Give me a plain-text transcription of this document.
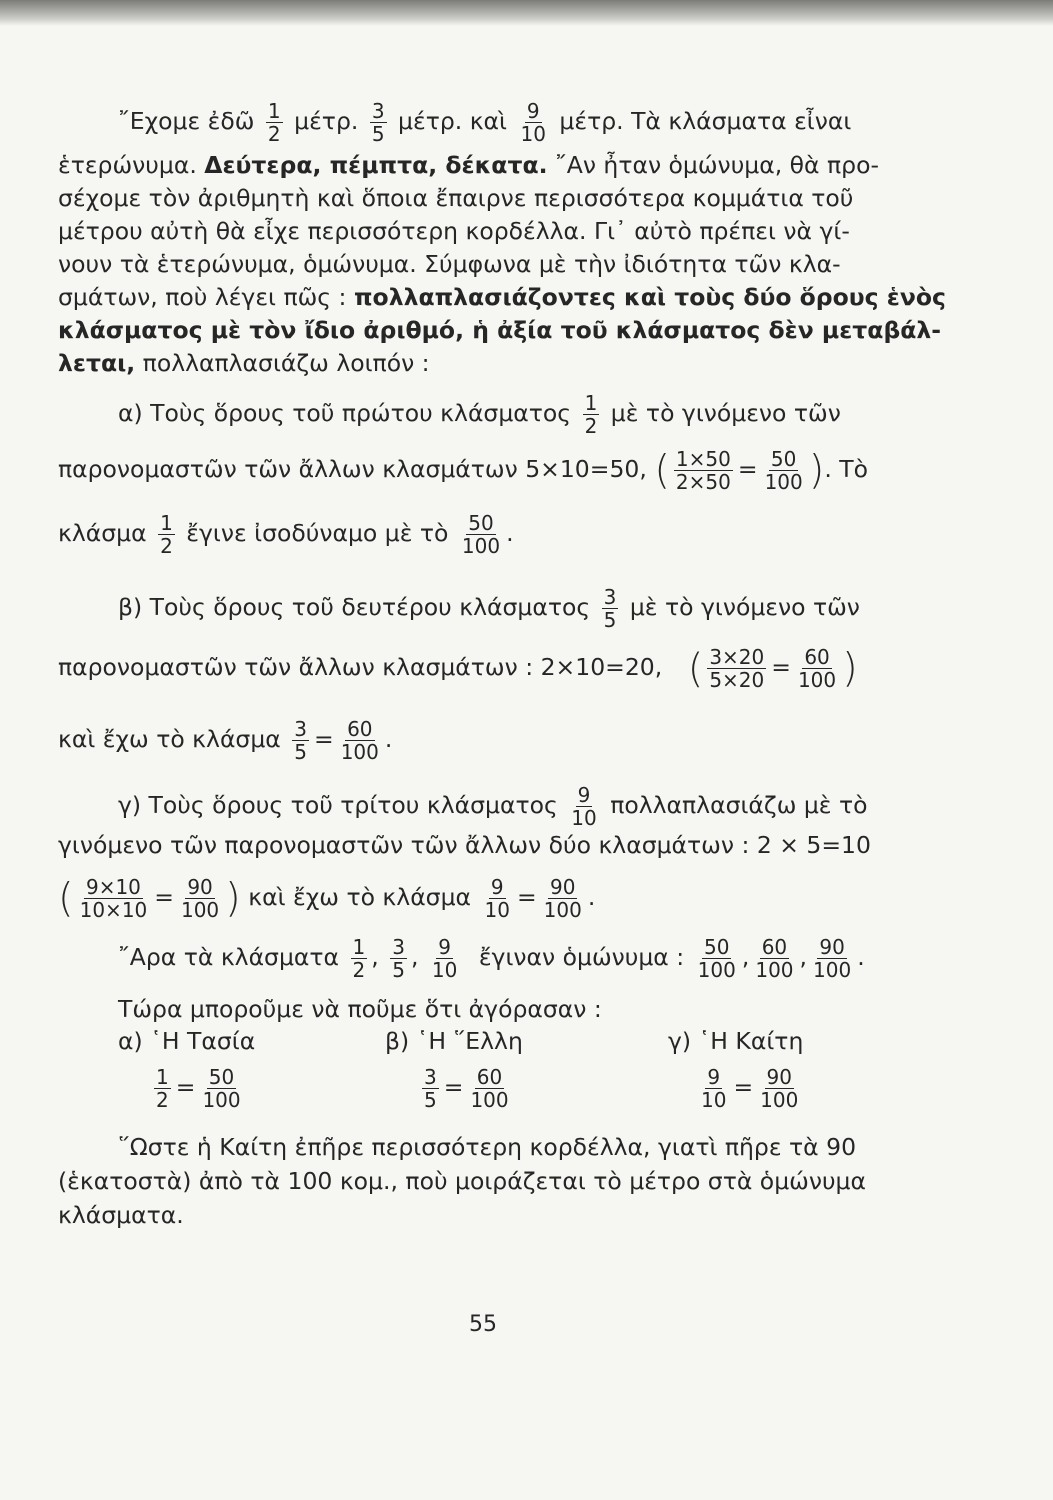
῎Εχομε ἐδῶ $\frac{1}{2} \mu έ\tau\rho$. $\frac{3}{5} \mu έ\tau\rho$. καὶ $\frac{9}{10} \mu έ\tau\rho$. Τὰ κλάσματα εἶναι
ἑτερώνυμα. Δεύτερα, πέμπτα, δέκατα. ῎Αν ἦταν ὁμώνυμα, θὰ προ-
σέχομε τὸν ἀριθμητὴ καὶ ὅποια ἔπαιρνε περισσότερα κομμάτια τοῦ
μέτρου αὐτὴ θὰ εἶχε περισσότερη κορδέλλα. Γι᾿ αὐτὸ πρέπει νὰ γί-
νουν τὰ ἑτερώνυμα, ὁμώνυμα. Σύμφωνα μὲ τὴν ἰδιότητα τῶν κλα-
σμάτων, ποὺ λέγει πῶς : πολλαπλασιάζοντες καὶ τοὺς δύο ὅρους ἑνὸς
κλάσματος μὲ τὸν ἴδιο ἀριθμό, ἡ ἀξία τοῦ κλάσματος δὲν μεταβάλ-
λεται, πολλαπλασιάζω λοιπόν :
α) Τοὺς ὅρους τοῦ πρώτου κλάσματος $\frac{1}{2}$ μὲ τὸ γινόμενο τῶν
παρονομαστῶν τῶν ἄλλων κλασμάτων 5×10=50, ( $\frac{1\times 50}{2\times 50} = \frac{50}{100}$ ). Τὸ
κλάσμα $\frac{1}{2}$ ἔγινε ἰσοδύναμο μὲ τὸ $\frac{50}{100}$ .
β) Τοὺς ὅρους τοῦ δευτέρου κλάσματος $\frac{3}{5}$ μὲ τὸ γινόμενο τῶν
παρονομαστῶν τῶν ἄλλων κλασμάτων : 2×10=20, ( $\frac{3\times 20}{5\times 20} = \frac{60}{100}$ )
καὶ ἔχω τὸ κλάσμα $\frac{3}{5} = \frac{60}{100}$ .
γ) Τοὺς ὅρους τοῦ τρίτου κλάσματος $\frac{9}{10}$ πολλαπλασιάζω μὲ τὸ
γινόμενο τῶν παρονομαστῶν τῶν ἄλλων δύο κλασμάτων : 2 × 5=10
( $\frac{9\times 10}{10\times 10} = \frac{90}{100}$ ) καὶ ἔχω τὸ κλάσμα $\frac{9}{10} = \frac{90}{100}$ .
῎Αρα τὰ κλάσματα $\frac{1}{2}$ , $\frac{3}{5}$ , $\frac{9}{10}$ ἔγιναν ὁμώνυμα : $\frac{50}{100}$ , $\frac{60}{100}$ , $\frac{90}{100}$ .
Τώρα μποροῦμε νὰ ποῦμε ὅτι ἀγόρασαν :
α) ῾Η Τασία	β) ῾Η ῞Ελλη	γ) ῾Η Καίτη
$\frac{1}{2} = \frac{50}{100}$	$\frac{3}{5} = \frac{60}{100}$	$\frac{9}{10} = \frac{90}{100}$
῞Ωστε ἡ Καίτη ἐπῆρε περισσότερη κορδέλλα, γιατὶ πῆρε τὰ 90
(ἑκατοστὰ) ἀπὸ τὰ 100 κομ., ποὺ μοιράζεται τὸ μέτρο στὰ ὁμώνυμα
κλάσματα.
55
